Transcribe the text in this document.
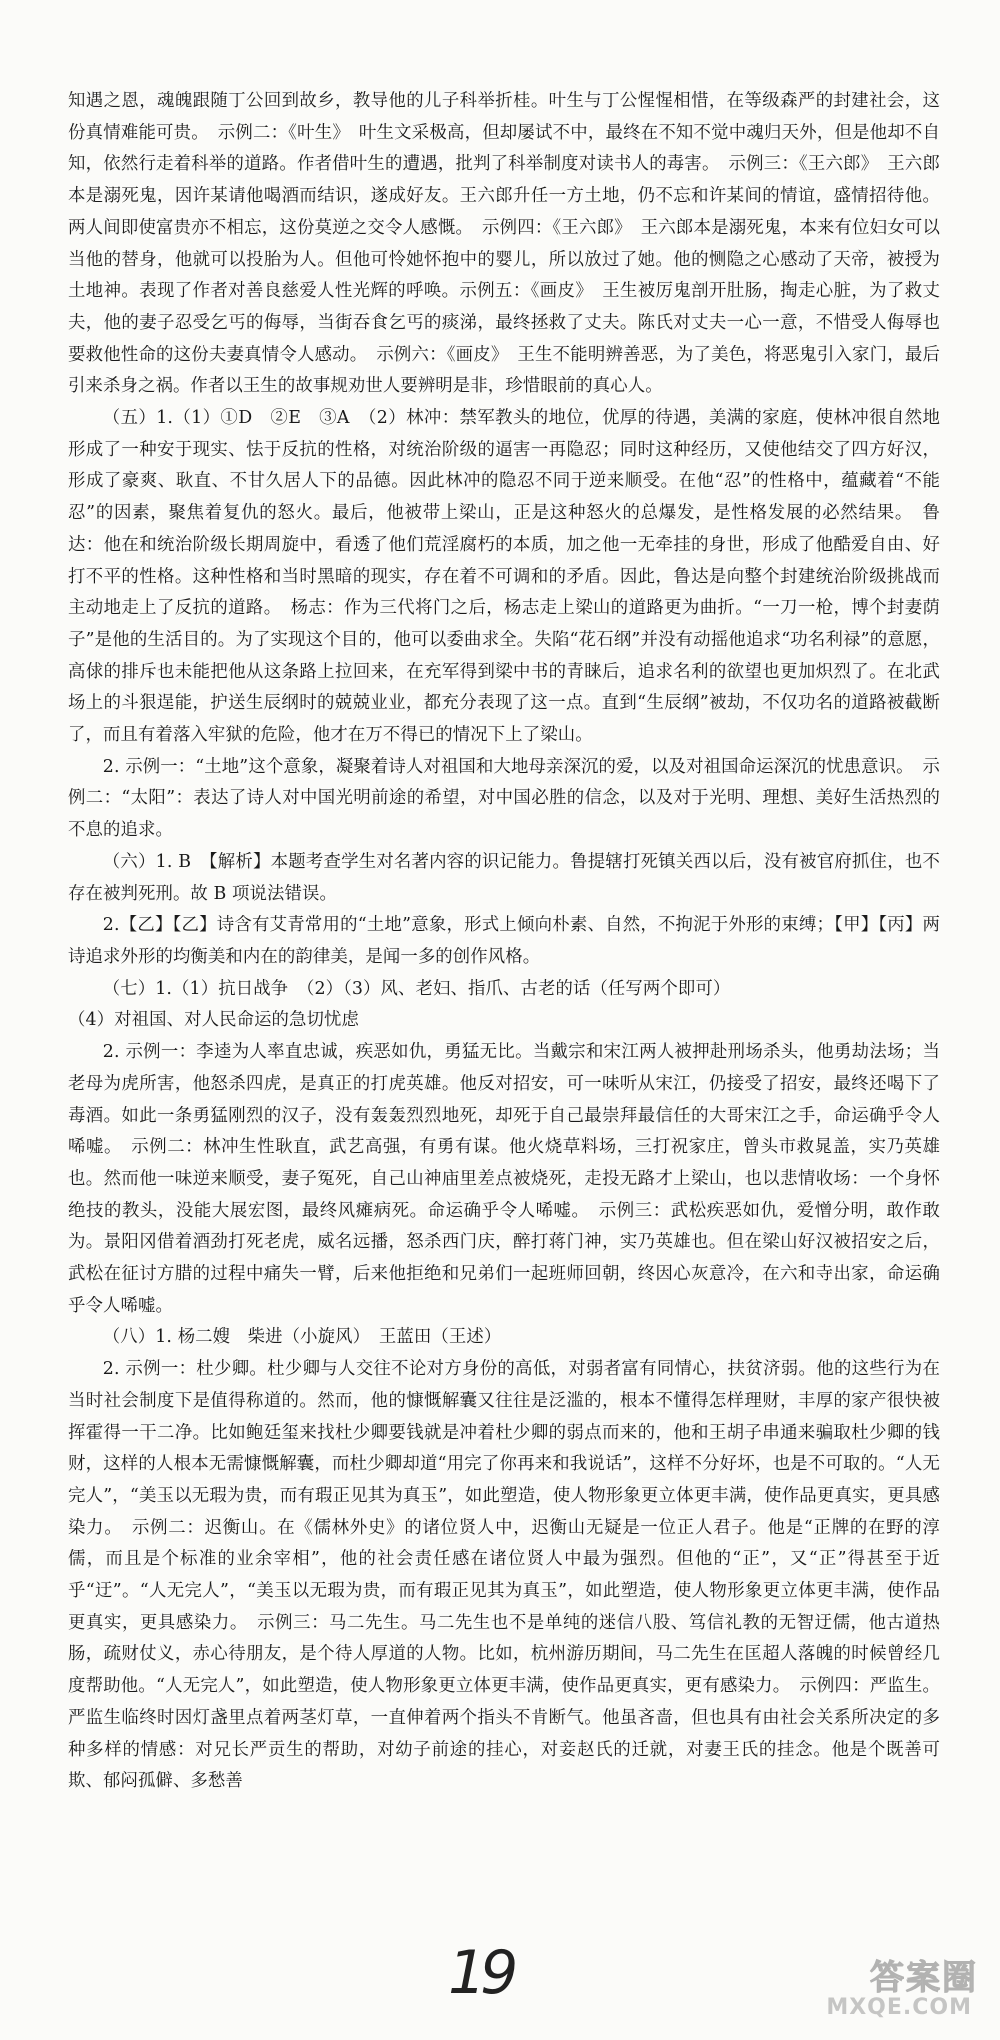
知遇之恩，魂魄跟随丁公回到故乡，教导他的儿子科举折桂。叶生与丁公惺惺相惜，在等级森严的封建社会，这份真情难能可贵。　示例二：《叶生》　叶生文采极高，但却屡试不中，最终在不知不觉中魂归天外，但是他却不自知，依然行走着科举的道路。作者借叶生的遭遇，批判了科举制度对读书人的毒害。　示例三：《王六郎》　王六郎本是溺死鬼，因许某请他喝酒而结识，遂成好友。王六郎升任一方土地，仍不忘和许某间的情谊，盛情招待他。两人间即使富贵亦不相忘，这份莫逆之交令人感慨。　示例四：《王六郎》　王六郎本是溺死鬼，本来有位妇女可以当他的替身，他就可以投胎为人。但他可怜她怀抱中的婴儿，所以放过了她。他的恻隐之心感动了天帝，被授为土地神。表现了作者对善良慈爱人性光辉的呼唤。示例五：《画皮》　王生被厉鬼剖开肚肠，掏走心脏，为了救丈夫，他的妻子忍受乞丐的侮辱，当街吞食乞丐的痰涕，最终拯救了丈夫。陈氏对丈夫一心一意，不惜受人侮辱也要救他性命的这份夫妻真情令人感动。　示例六：《画皮》　王生不能明辨善恶，为了美色，将恶鬼引入家门，最后引来杀身之祸。作者以王生的故事规劝世人要辨明是非，珍惜眼前的真心人。

（五）1.（1）①D　②E　③A　（2）林冲：禁军教头的地位，优厚的待遇，美满的家庭，使林冲很自然地形成了一种安于现实、怯于反抗的性格，对统治阶级的逼害一再隐忍；同时这种经历，又使他结交了四方好汉，形成了豪爽、耿直、不甘久居人下的品德。因此林冲的隐忍不同于逆来顺受。在他“忍”的性格中，蕴藏着“不能忍”的因素，聚焦着复仇的怒火。最后，他被带上梁山，正是这种怒火的总爆发，是性格发展的必然结果。　鲁达：他在和统治阶级长期周旋中，看透了他们荒淫腐朽的本质，加之他一无牵挂的身世，形成了他酷爱自由、好打不平的性格。这种性格和当时黑暗的现实，存在着不可调和的矛盾。因此，鲁达是向整个封建统治阶级挑战而主动地走上了反抗的道路。　杨志：作为三代将门之后，杨志走上梁山的道路更为曲折。“一刀一枪，博个封妻荫子”是他的生活目的。为了实现这个目的，他可以委曲求全。失陷“花石纲”并没有动摇他追求“功名利禄”的意愿，高俅的排斥也未能把他从这条路上拉回来，在充军得到梁中书的青睐后，追求名利的欲望也更加炽烈了。在北武场上的斗狠逞能，护送生辰纲时的兢兢业业，都充分表现了这一点。直到“生辰纲”被劫，不仅功名的道路被截断了，而且有着落入牢狱的危险，他才在万不得已的情况下上了梁山。

2. 示例一：“土地”这个意象，凝聚着诗人对祖国和大地母亲深沉的爱，以及对祖国命运深沉的忧患意识。　示例二：“太阳”：表达了诗人对中国光明前途的希望，对中国必胜的信念，以及对于光明、理想、美好生活热烈的不息的追求。

（六）1. B　【解析】本题考查学生对名著内容的识记能力。鲁提辖打死镇关西以后，没有被官府抓住，也不存在被判死刑。故 B 项说法错误。

2.【乙】【乙】诗含有艾青常用的“土地”意象，形式上倾向朴素、自然，不拘泥于外形的束缚；【甲】【丙】两诗追求外形的均衡美和内在的韵律美，是闻一多的创作风格。

（七）1.（1）抗日战争　（2）（3）风、老妇、指爪、古老的话（任写两个即可）

（4）对祖国、对人民命运的急切忧虑

2. 示例一：李逵为人率直忠诚，疾恶如仇，勇猛无比。当戴宗和宋江两人被押赴刑场杀头，他勇劫法场；当老母为虎所害，他怒杀四虎，是真正的打虎英雄。他反对招安，可一味听从宋江，仍接受了招安，最终还喝下了毒酒。如此一条勇猛刚烈的汉子，没有轰轰烈烈地死，却死于自己最崇拜最信任的大哥宋江之手，命运确乎令人唏嘘。　示例二：林冲生性耿直，武艺高强，有勇有谋。他火烧草料场，三打祝家庄，曾头市救晁盖，实乃英雄也。然而他一味逆来顺受，妻子冤死，自己山神庙里差点被烧死，走投无路才上梁山，也以悲情收场：一个身怀绝技的教头，没能大展宏图，最终风瘫病死。命运确乎令人唏嘘。　示例三：武松疾恶如仇，爱憎分明，敢作敢为。景阳冈借着酒劲打死老虎，威名远播，怒杀西门庆，醉打蒋门神，实乃英雄也。但在梁山好汉被招安之后，武松在征讨方腊的过程中痛失一臂，后来他拒绝和兄弟们一起班师回朝，终因心灰意冷，在六和寺出家，命运确乎令人唏嘘。

（八）1. 杨二嫂　柴进（小旋风）　王蓝田（王述）

2. 示例一：杜少卿。杜少卿与人交往不论对方身份的高低，对弱者富有同情心，扶贫济弱。他的这些行为在当时社会制度下是值得称道的。然而，他的慷慨解囊又往往是泛滥的，根本不懂得怎样理财，丰厚的家产很快被挥霍得一干二净。比如鲍廷玺来找杜少卿要钱就是冲着杜少卿的弱点而来的，他和王胡子串通来骗取杜少卿的钱财，这样的人根本无需慷慨解囊，而杜少卿却道“用完了你再来和我说话”，这样不分好坏，也是不可取的。“人无完人”，“美玉以无瑕为贵，而有瑕正见其为真玉”，如此塑造，使人物形象更立体更丰满，使作品更真实，更具感染力。　示例二：迟衡山。在《儒林外史》的诸位贤人中，迟衡山无疑是一位正人君子。他是“正牌的在野的淳儒，而且是个标准的业余宰相”，他的社会责任感在诸位贤人中最为强烈。但他的“正”，又“正”得甚至于近乎“迂”。“人无完人”，“美玉以无瑕为贵，而有瑕正见其为真玉”，如此塑造，使人物形象更立体更丰满，使作品更真实，更具感染力。　示例三：马二先生。马二先生也不是单纯的迷信八股、笃信礼教的无智迂儒，他古道热肠，疏财仗义，赤心待朋友，是个待人厚道的人物。比如，杭州游历期间，马二先生在匡超人落魄的时候曾经几度帮助他。“人无完人”，如此塑造，使人物形象更立体更丰满，使作品更真实，更有感染力。　示例四：严监生。严监生临终时因灯盏里点着两茎灯草，一直伸着两个指头不肯断气。他虽吝啬，但也具有由社会关系所决定的多种多样的情感：对兄长严贡生的帮助，对幼子前途的挂心，对妾赵氏的迁就，对妻王氏的挂念。他是个既善可欺、郁闷孤僻、多愁善

19	答案圈
MXQE.COM
